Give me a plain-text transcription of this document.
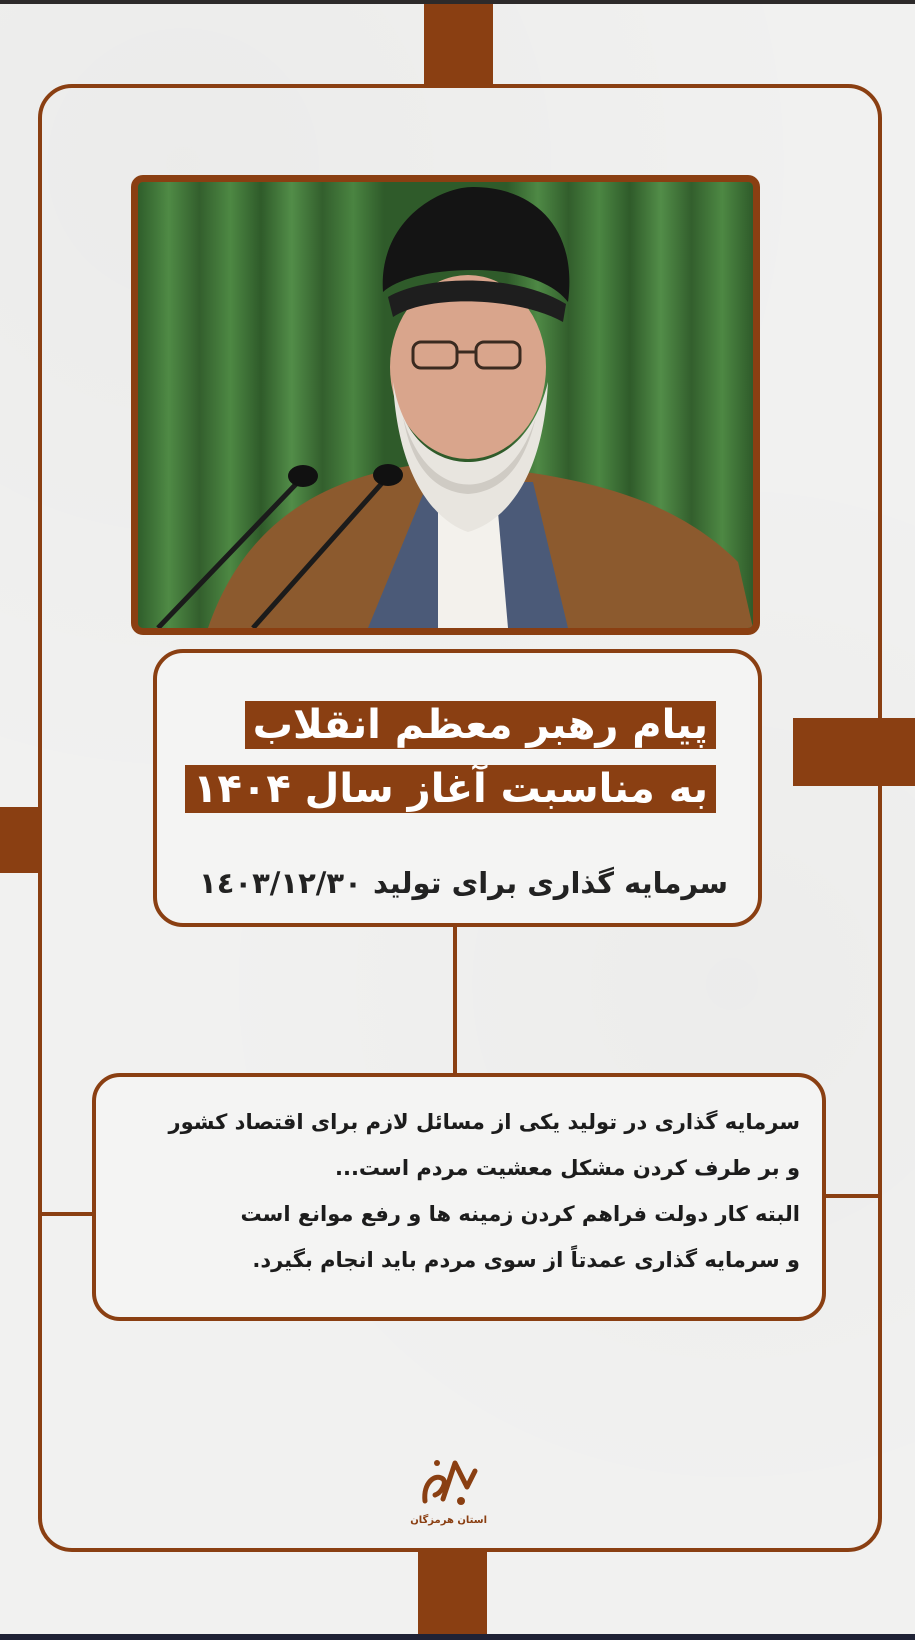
پیام رهبر معظم انقلاب
به مناسبت آغاز سال ۱۴۰۴
سرمایه گذاری برای تولید
١٤٠٣/١٢/٣٠
سرمایه گذاری در تولید یکی از مسائل لازم برای اقتصاد کشور
و بر طرف کردن مشکل معشیت مردم است...
البته کار دولت فراهم کردن زمینه ها و رفع موانع است
و سرمایه گذاری عمدتاً از سوی مردم باید انجام بگیرد.
استان هرمزگان
